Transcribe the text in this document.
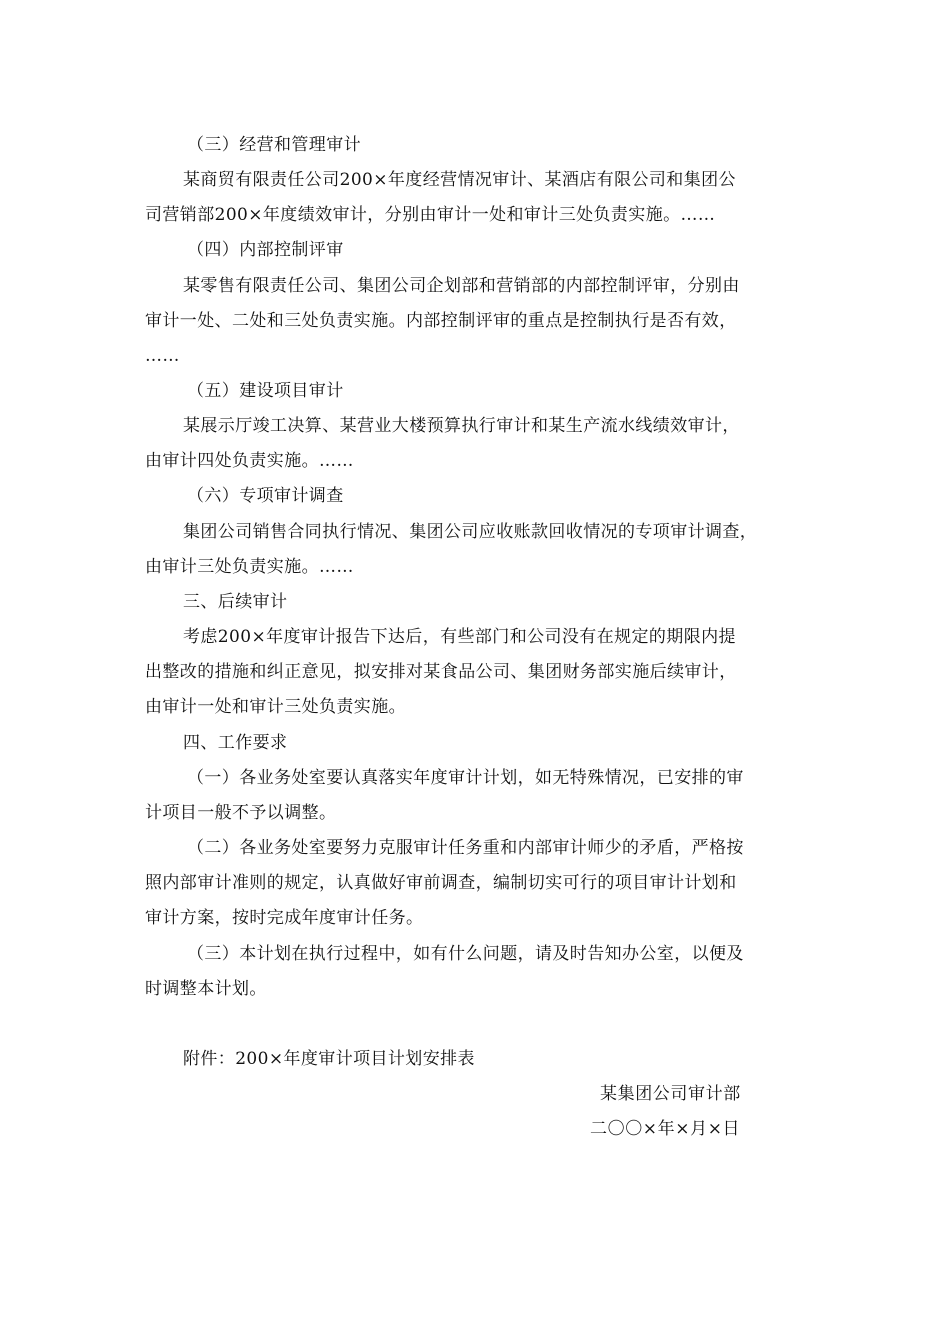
（三）经营和管理审计
某商贸有限责任公司200×年度经营情况审计、某酒店有限公司和集团公
司营销部200×年度绩效审计，分别由审计一处和审计三处负责实施。……
（四）内部控制评审
某零售有限责任公司、集团公司企划部和营销部的内部控制评审，分别由
审计一处、二处和三处负责实施。内部控制评审的重点是控制执行是否有效，
……
（五）建设项目审计
某展示厅竣工决算、某营业大楼预算执行审计和某生产流水线绩效审计，
由审计四处负责实施。……
（六）专项审计调查
集团公司销售合同执行情况、集团公司应收账款回收情况的专项审计调查，
由审计三处负责实施。……
三、后续审计
考虑200×年度审计报告下达后，有些部门和公司没有在规定的期限内提
出整改的措施和纠正意见，拟安排对某食品公司、集团财务部实施后续审计，
由审计一处和审计三处负责实施。
四、工作要求
（一）各业务处室要认真落实年度审计计划，如无特殊情况，已安排的审
计项目一般不予以调整。
（二）各业务处室要努力克服审计任务重和内部审计师少的矛盾，严格按
照内部审计准则的规定，认真做好审前调查，编制切实可行的项目审计计划和
审计方案，按时完成年度审计任务。
（三）本计划在执行过程中，如有什么问题，请及时告知办公室，以便及
时调整本计划。
附件：200×年度审计项目计划安排表
某集团公司审计部
二〇〇×年×月×日
